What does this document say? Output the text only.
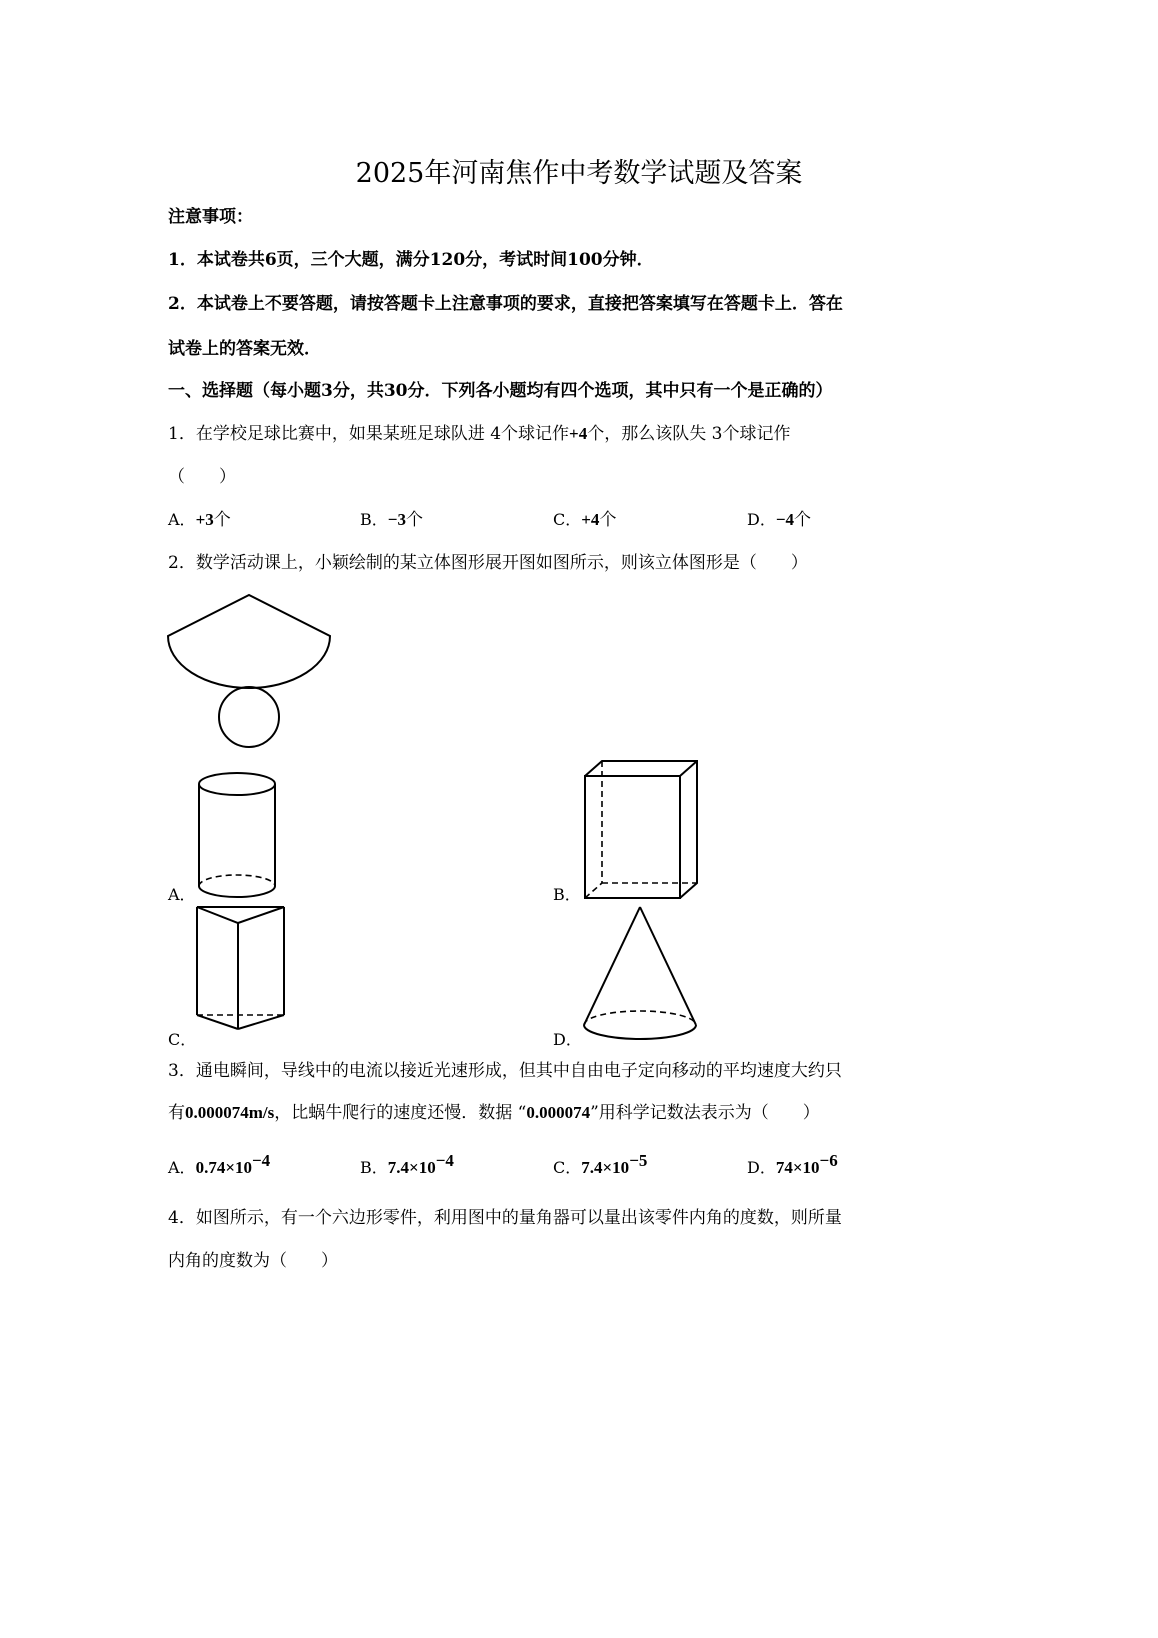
2025年河南焦作中考数学试题及答案
注意事项：
1．本试卷共6页，三个大题，满分120分，考试时间100分钟．
2．本试卷上不要答题，请按答题卡上注意事项的要求，直接把答案填写在答题卡上．答在
试卷上的答案无效．
一、选择题（每小题3分，共30分．下列各小题均有四个选项，其中只有一个是正确的）
1．在学校足球比赛中，如果某班足球队进 4个球记作+4个，那么该队失 3个球记作
（　　）
A．+3个	B．−3个	C．+4个	D．−4个
2．数学活动课上，小颖绘制的某立体图形展开图如图所示，则该立体图形是（　　）
A．	B．
C．	D．
3．通电瞬间，导线中的电流以接近光速形成，但其中自由电子定向移动的平均速度大约只
有0.000074m/s，比蜗牛爬行的速度还慢．数据 “0.000074”用科学记数法表示为（　　）
A．$0.74\times 10^{-4}$	B．$7.4\times 10^{-4}$	C．$7.4\times 10^{-5}$	D．$74\times 10^{-6}$
4．如图所示，有一个六边形零件，利用图中的量角器可以量出该零件内角的度数，则所量
内角的度数为（　　）
